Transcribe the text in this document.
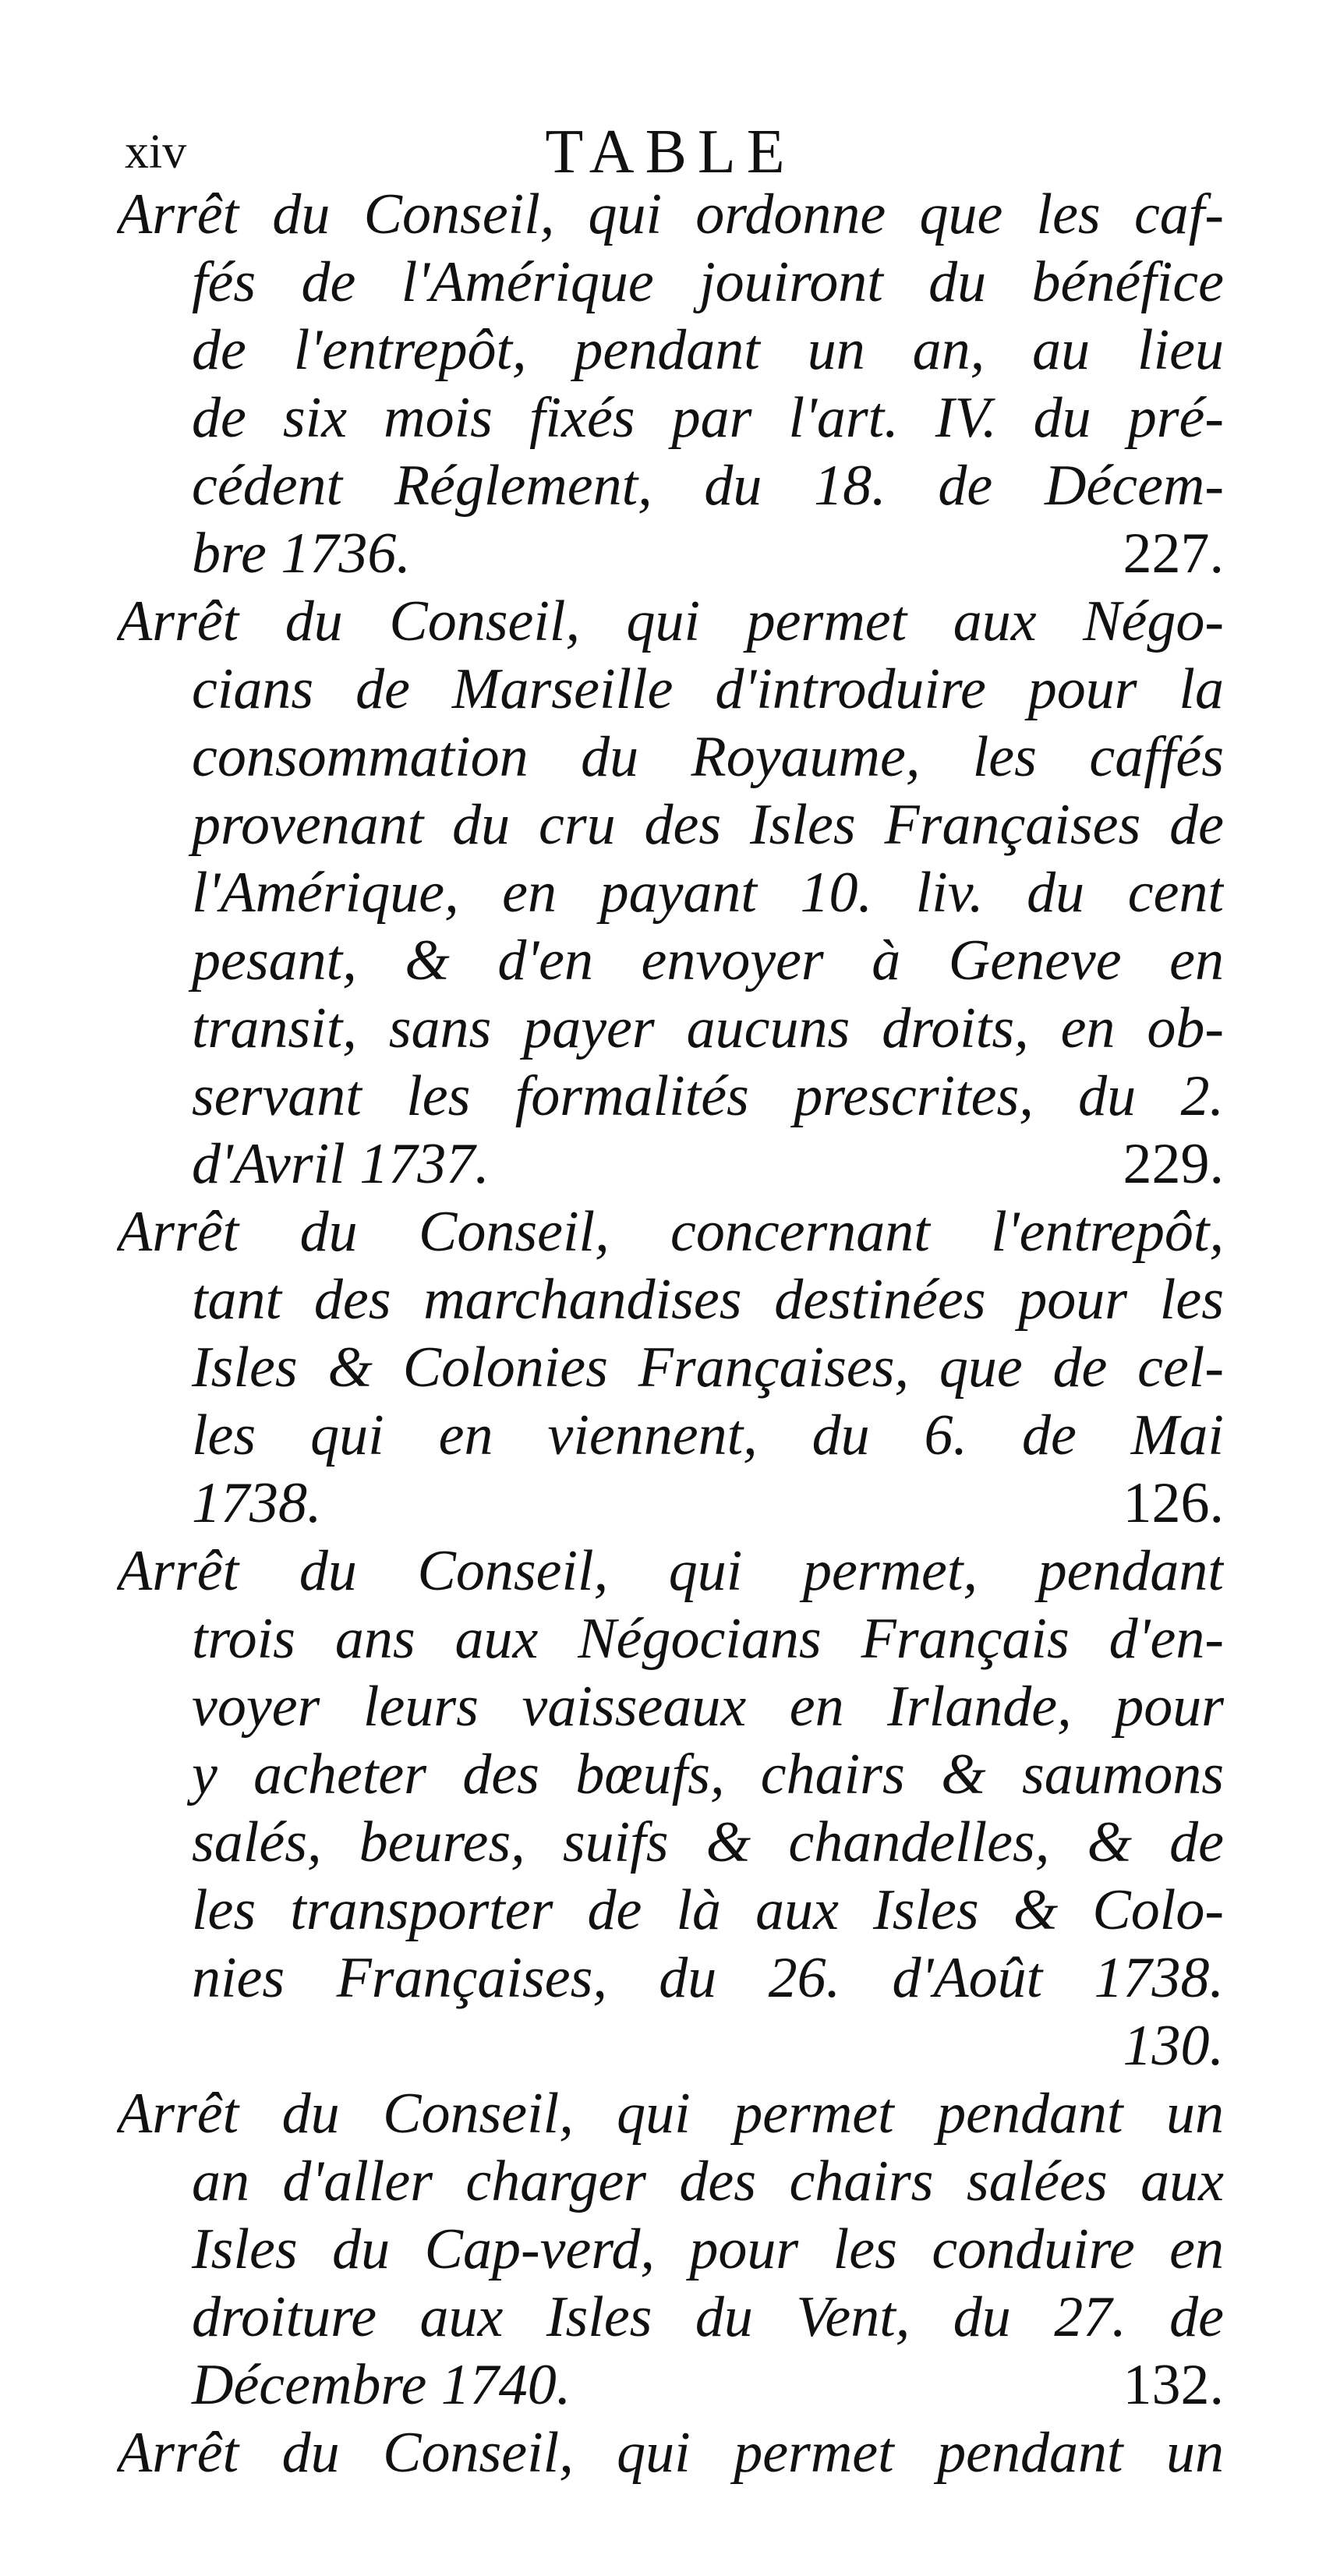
xiv	TABLE
Arrêt du Conseil, qui ordonne que les caf-
fés de l'Amérique jouiront du bénéfice
de l'entrepôt, pendant un an, au lieu
de six mois fixés par l'art. IV. du pré-
cédent Réglement, du 18. de Décem-
bre 1736.	227.
Arrêt du Conseil, qui permet aux Négo-
cians de Marseille d'introduire pour la
consommation du Royaume, les caffés
provenant du cru des Isles Françaises de
l'Amérique, en payant 10. liv. du cent
pesant, & d'en envoyer à Geneve en
transit, sans payer aucuns droits, en ob-
servant les formalités prescrites, du 2.
d'Avril 1737.	229.
Arrêt du Conseil, concernant l'entrepôt,
tant des marchandises destinées pour les
Isles & Colonies Françaises, que de cel-
les qui en viennent, du 6. de Mai
1738.	126.
Arrêt du Conseil, qui permet, pendant
trois ans aux Négocians Français d'en-
voyer leurs vaisseaux en Irlande, pour
y acheter des bœufs, chairs & saumons
salés, beures, suifs & chandelles, & de
les transporter de là aux Isles & Colo-
nies Françaises, du 26. d'Août 1738.
130.
Arrêt du Conseil, qui permet pendant un
an d'aller charger des chairs salées aux
Isles du Cap-verd, pour les conduire en
droiture aux Isles du Vent, du 27. de
Décembre 1740.	132.
Arrêt du Conseil, qui permet pendant un
